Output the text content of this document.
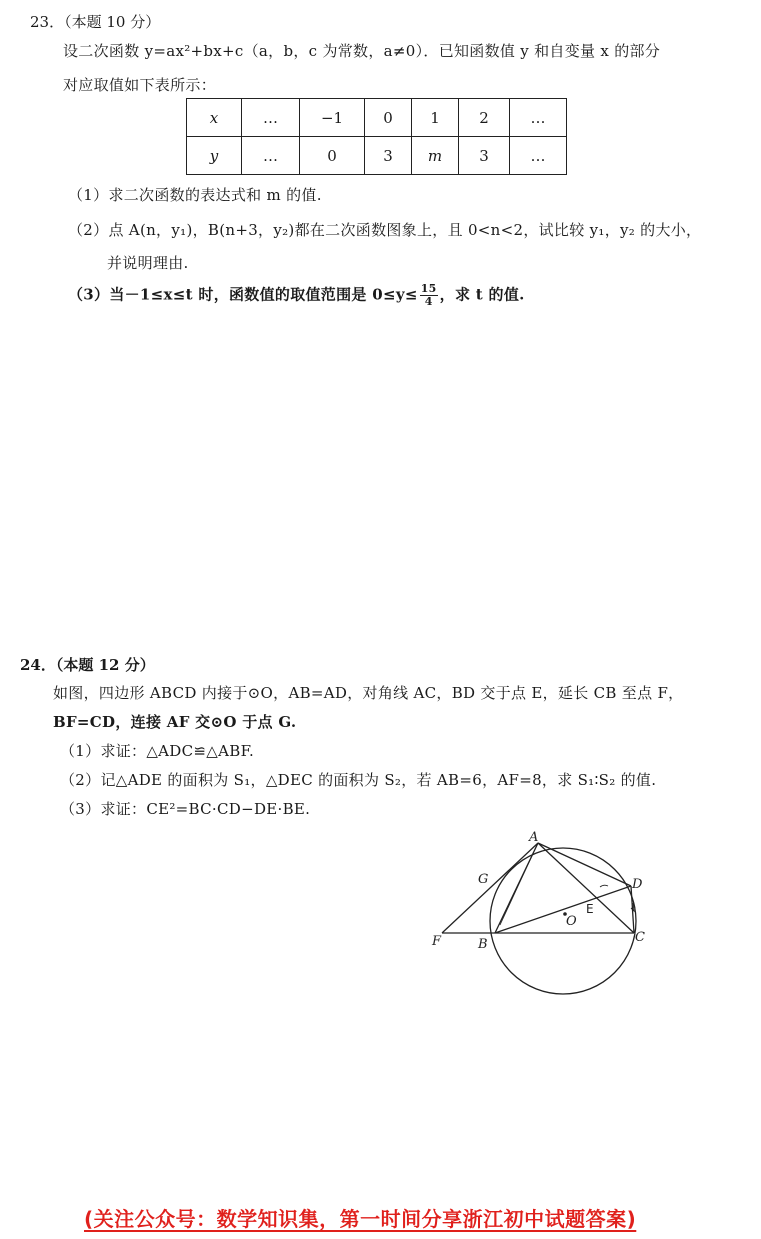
23．（本题 10 分）
设二次函数 y=ax²+bx+c（a，b，c 为常数，a≠0）．已知函数值 y 和自变量 x 的部分
对应取值如下表所示：
x	…	−1	0	1	2	…
y	…	0	3	m	3	…
（1）求二次函数的表达式和 m 的值.
（2）点 A(n，y₁)，B(n+3，y₂)都在二次函数图象上，且 0<n<2，试比较 y₁，y₂ 的大小，
并说明理由.
（3）当－1≤x≤t 时，函数值的取值范围是 $0\le y\le \frac{15}{4}$ ，求 t 的值.
24．（本题 12 分）
如图，四边形 ABCD 内接于⊙O，AB=AD，对角线 AC，BD 交于点 E，延长 CB 至点 F，
BF=CD，连接 AF 交⊙O 于点 G.
（1）求证：△ADC≌△ABF.
（2）记△ADE 的面积为 S₁，△DEC 的面积为 S₂，若 AB=6，AF=8，求 S₁∶S₂ 的值.
（3）求证：CE²=BC·CD−DE·BE.
A
G	D
E
O
F	B	C
(关注公众号：数学知识集，第一时间分享浙江初中试题答案)
